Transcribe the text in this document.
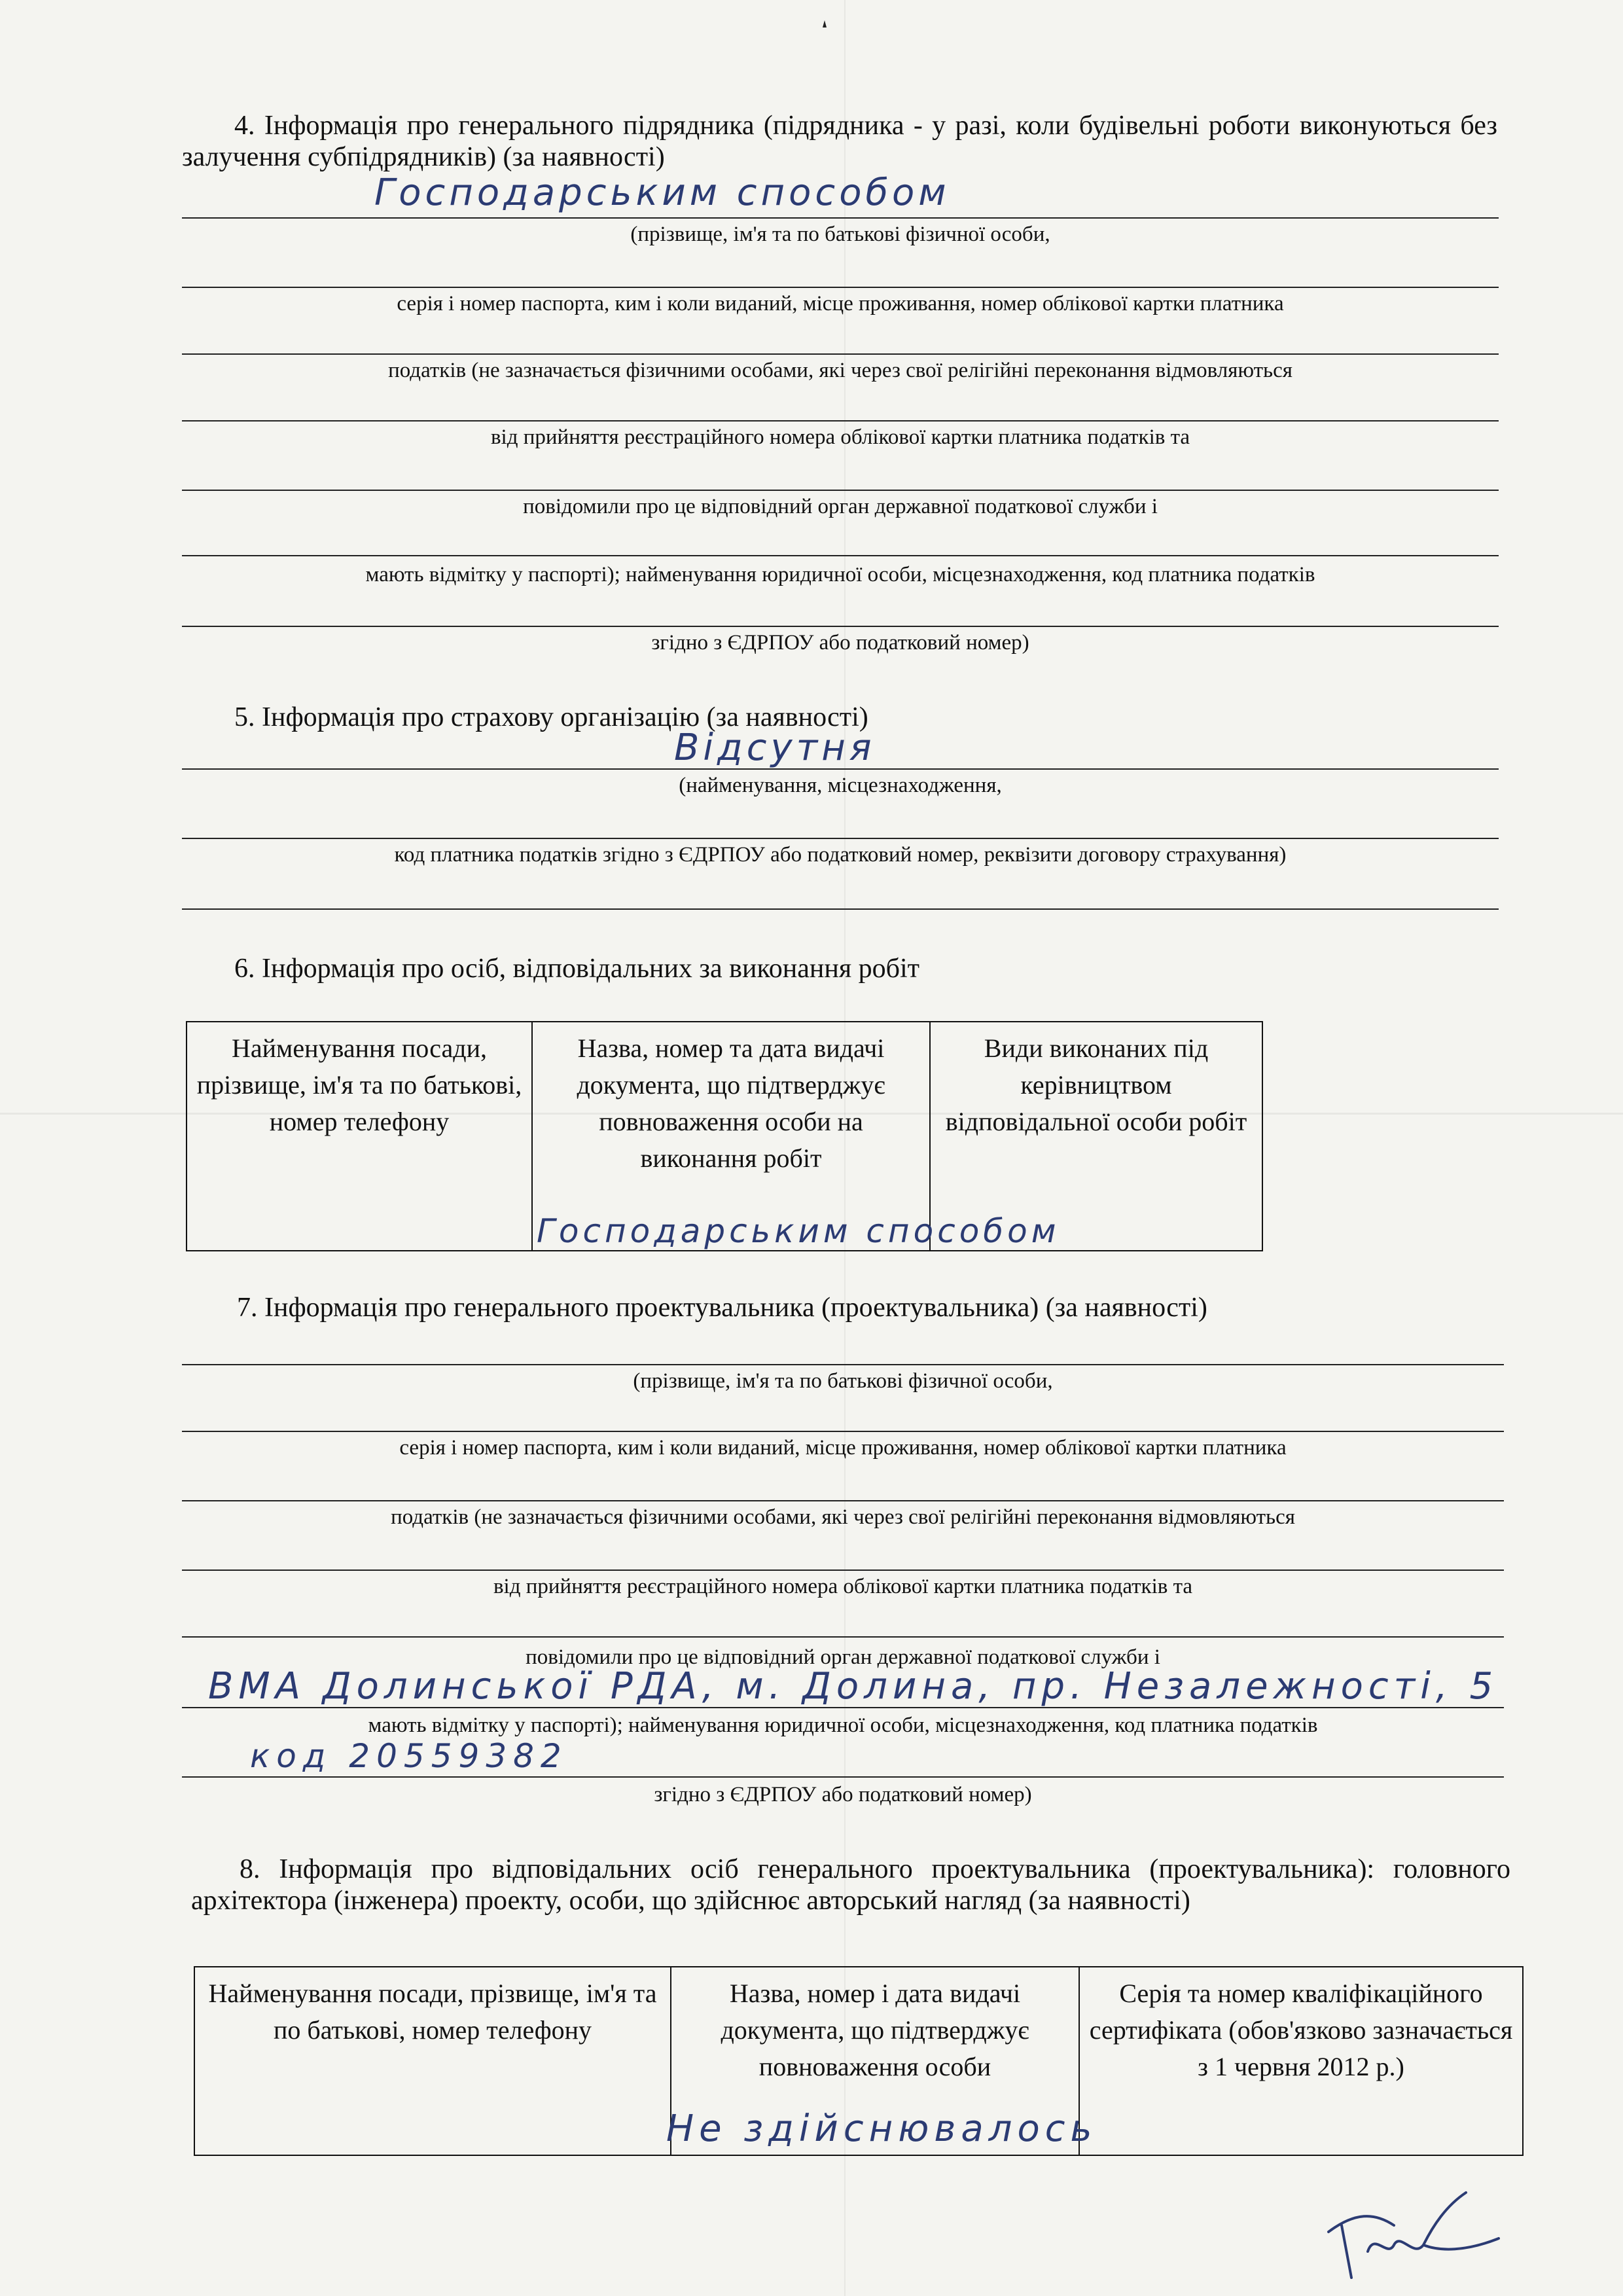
4. Інформація про генерального підрядника (підрядника - у разі, коли будівельні роботи виконуються без залучення субпідрядників) (за наявності)
Господарським способом
(прізвище, ім'я та по батькові фізичної особи,
серія і номер паспорта, ким і коли виданий, місце проживання, номер облікової картки платника
податків (не зазначається фізичними особами, які через свої релігійні переконання відмовляються
від прийняття реєстраційного номера облікової картки платника податків та
повідомили про це відповідний орган державної податкової служби і
мають відмітку у паспорті); найменування юридичної особи, місцезнаходження, код платника податків
згідно з ЄДРПОУ або податковий номер)
5. Інформація про страхову організацію (за наявності)
Відсутня
(найменування, місцезнаходження,
код платника податків згідно з ЄДРПОУ або податковий номер, реквізити договору страхування)
6. Інформація про осіб, відповідальних за виконання робіт
Найменування посади, прізвище, ім'я та по батькові, номер телефону	Назва, номер та дата видачі документа, що підтверджує повноваження особи на виконання робіт	Види виконаних під керівництвом відповідальної особи робіт
Господарським способом
7. Інформація про генерального проектувальника (проектувальника) (за наявності)
(прізвище, ім'я та по батькові фізичної особи,
серія і номер паспорта, ким і коли виданий, місце проживання, номер облікової картки платника
податків (не зазначається фізичними особами, які через свої релігійні переконання відмовляються
від прийняття реєстраційного номера облікової картки платника податків та
повідомили про це відповідний орган державної податкової служби і
ВМА Долинської РДА, м. Долина, пр. Незалежності, 5
мають відмітку у паспорті); найменування юридичної особи, місцезнаходження, код платника податків
код 20559382
згідно з ЄДРПОУ або податковий номер)
8. Інформація про відповідальних осіб генерального проектувальника (проектувальника): головного архітектора (інженера) проекту, особи, що здійснює авторський нагляд (за наявності)
Найменування посади, прізвище, ім'я та по батькові, номер телефону	Назва, номер і дата видачі документа, що підтверджує повноваження особи	Серія та номер кваліфікаційного сертифіката (обов'язково зазначається з 1 червня 2012 р.)
Не здійснювалось
